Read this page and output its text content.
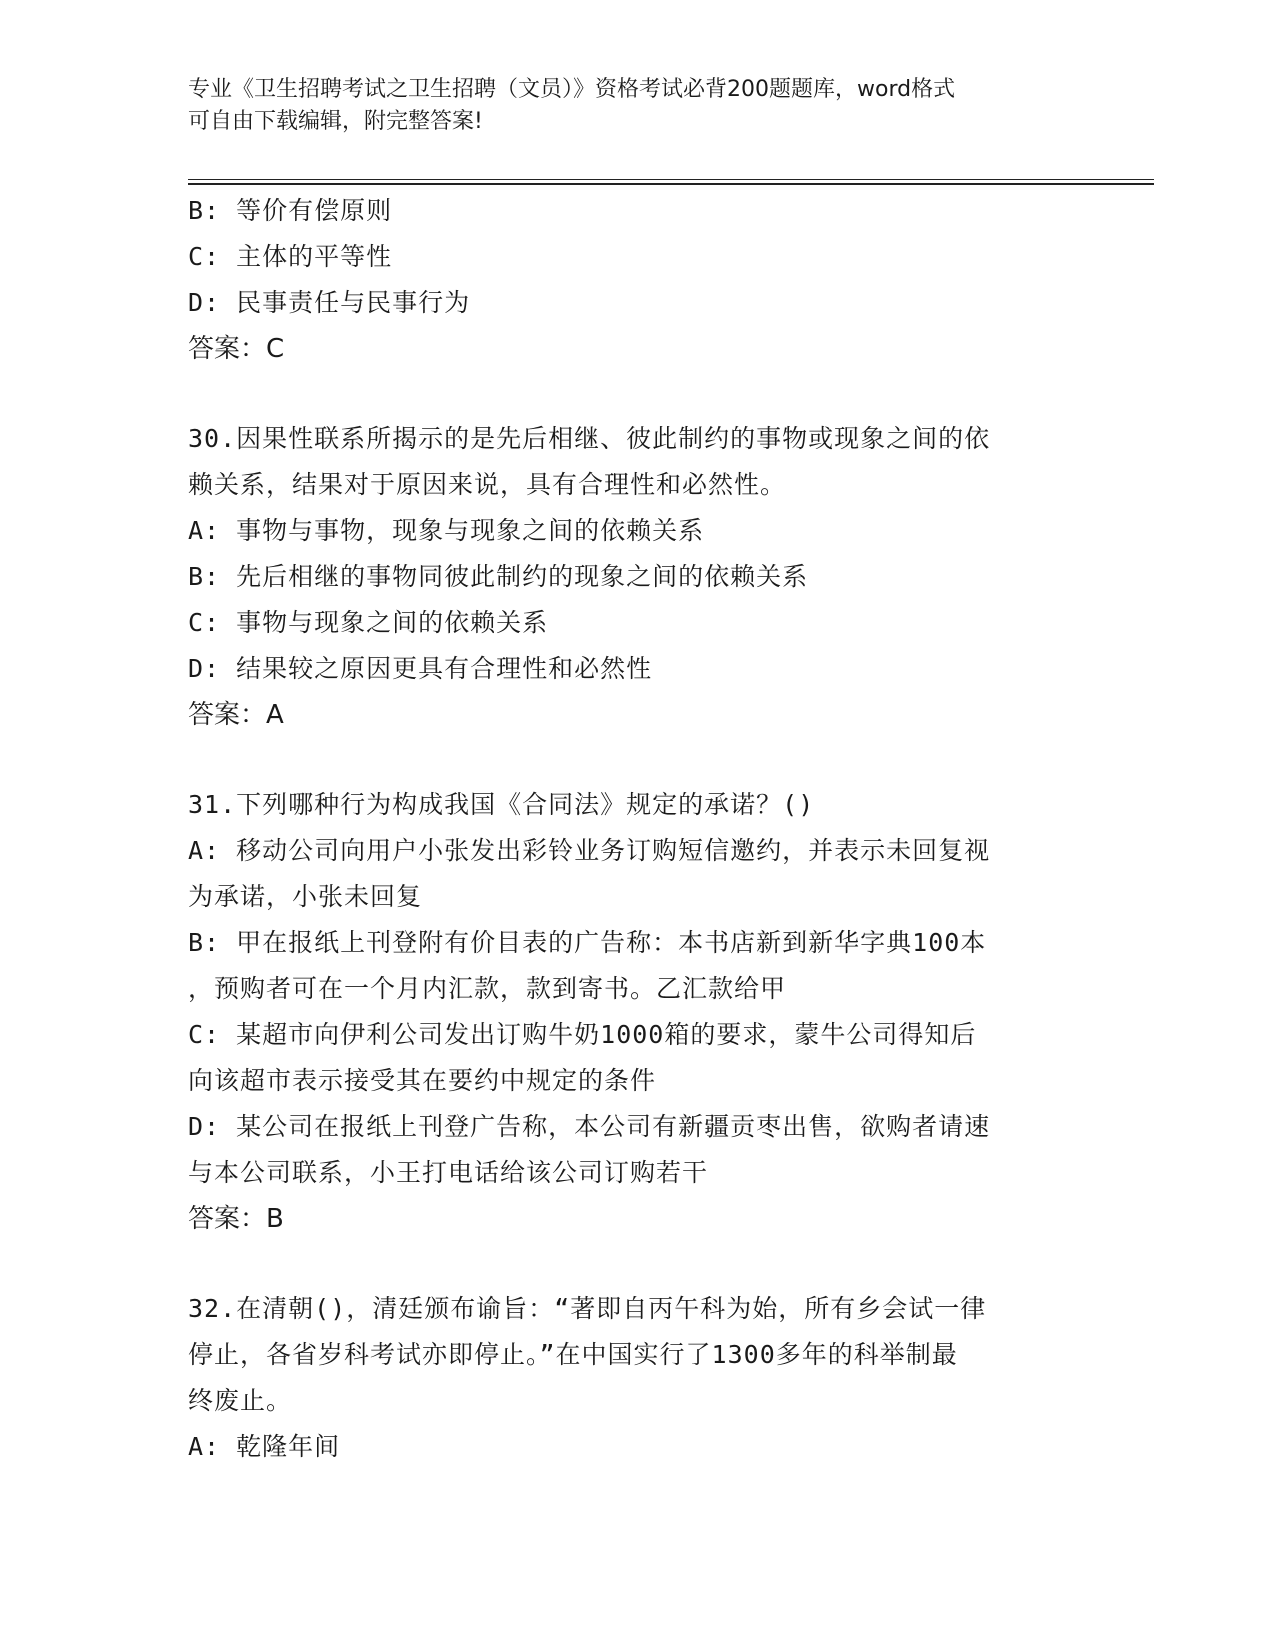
专业《卫生招聘考试之卫生招聘（文员）》资格考试必背200题题库，word格式
可自由下载编辑，附完整答案!
B: 等价有偿原则
C: 主体的平等性
D: 民事责任与民事行为
答案：C
30.因果性联系所揭示的是先后相继、彼此制约的事物或现象之间的依
赖关系，结果对于原因来说，具有合理性和必然性。
A: 事物与事物，现象与现象之间的依赖关系
B: 先后相继的事物同彼此制约的现象之间的依赖关系
C: 事物与现象之间的依赖关系
D: 结果较之原因更具有合理性和必然性
答案：A
31.下列哪种行为构成我国《合同法》规定的承诺？()
A: 移动公司向用户小张发出彩铃业务订购短信邀约，并表示未回复视
为承诺，小张未回复
B: 甲在报纸上刊登附有价目表的广告称：本书店新到新华字典100本
，预购者可在一个月内汇款，款到寄书。乙汇款给甲
C: 某超市向伊利公司发出订购牛奶1000箱的要求，蒙牛公司得知后
向该超市表示接受其在要约中规定的条件
D: 某公司在报纸上刊登广告称，本公司有新疆贡枣出售，欲购者请速
与本公司联系，小王打电话给该公司订购若干
答案：B
32.在清朝()，清廷颁布谕旨：“著即自丙午科为始，所有乡会试一律
停止，各省岁科考试亦即停止。”在中国实行了1300多年的科举制最
终废止。
A: 乾隆年间
